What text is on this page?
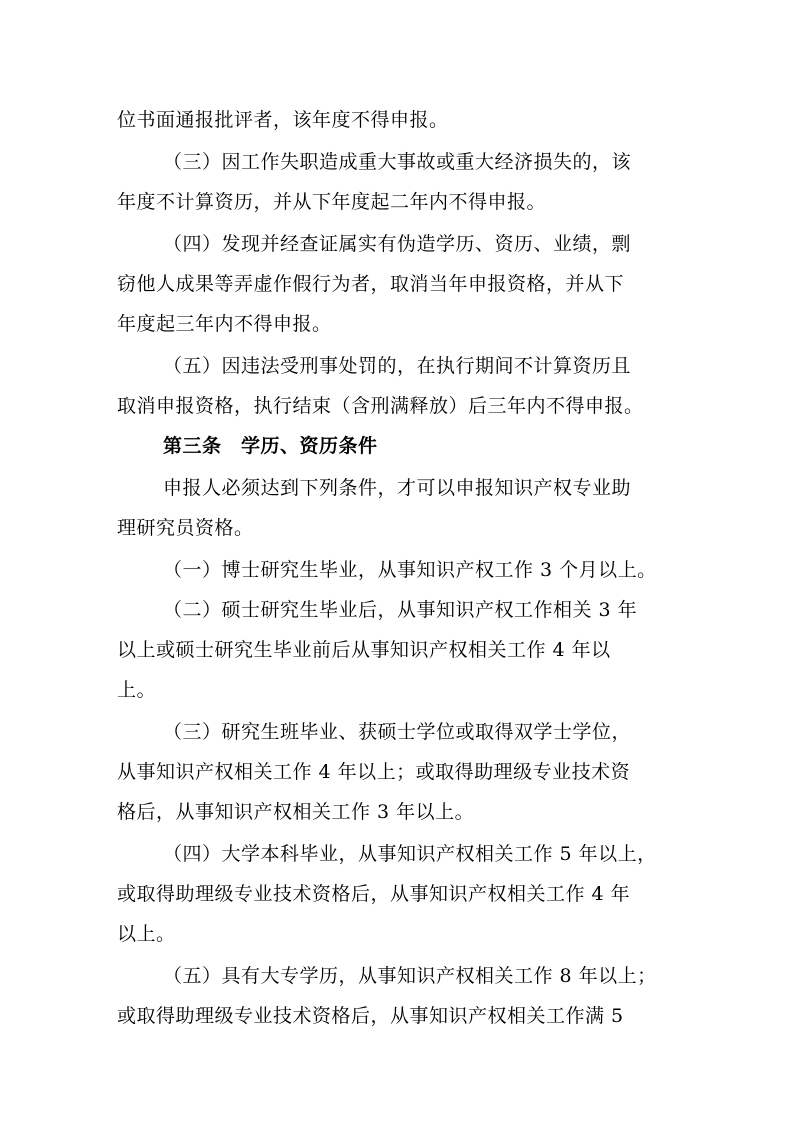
位书面通报批评者，该年度不得申报。
（三）因工作失职造成重大事故或重大经济损失的，该
年度不计算资历，并从下年度起二年内不得申报。
（四）发现并经查证属实有伪造学历、资历、业绩，剽
窃他人成果等弄虚作假行为者，取消当年申报资格，并从下
年度起三年内不得申报。
（五）因违法受刑事处罚的，在执行期间不计算资历且
取消申报资格，执行结束（含刑满释放）后三年内不得申报。
第三条　学历、资历条件
申报人必须达到下列条件，才可以申报知识产权专业助
理研究员资格。
（一）博士研究生毕业，从事知识产权工作 3 个月以上。
（二）硕士研究生毕业后，从事知识产权工作相关 3 年
以上或硕士研究生毕业前后从事知识产权相关工作 4 年以
上。
（三）研究生班毕业、获硕士学位或取得双学士学位，
从事知识产权相关工作 4 年以上；或取得助理级专业技术资
格后，从事知识产权相关工作 3 年以上。
（四）大学本科毕业，从事知识产权相关工作 5 年以上，
或取得助理级专业技术资格后，从事知识产权相关工作 4 年
以上。
（五）具有大专学历，从事知识产权相关工作 8 年以上；
或取得助理级专业技术资格后，从事知识产权相关工作满 5
